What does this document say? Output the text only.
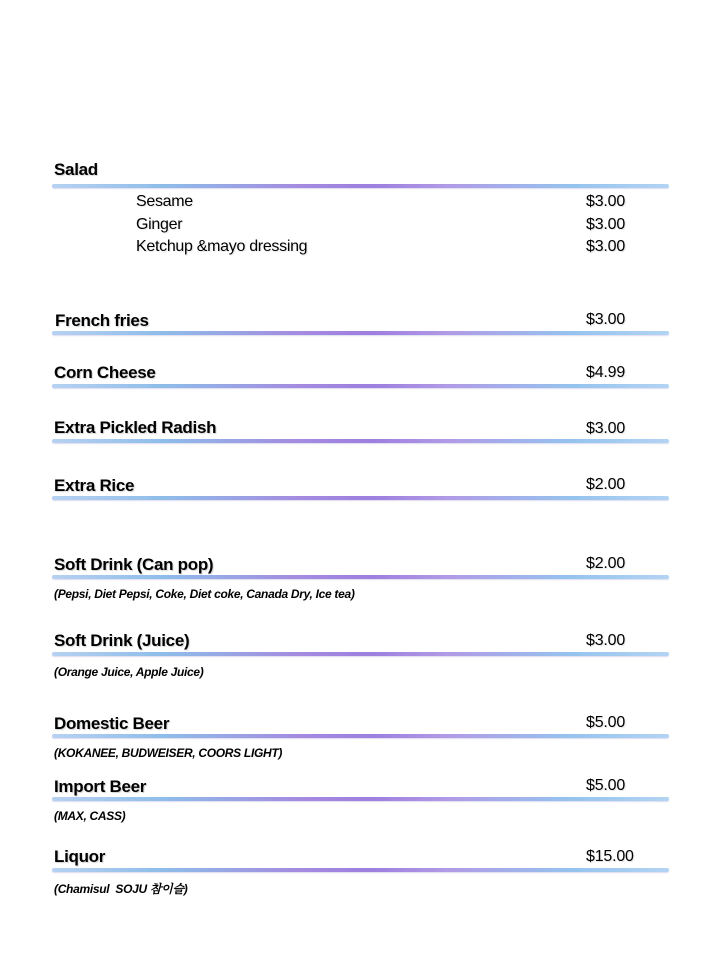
Salad
Sesame	$3.00
Ginger	$3.00
Ketchup &mayo dressing	$3.00
French fries	$3.00
Corn Cheese	$4.99
Extra Pickled Radish	$3.00
Extra Rice	$2.00
Soft Drink (Can pop)	$2.00
(Pepsi, Diet Pepsi, Coke, Diet coke, Canada Dry, Ice tea)
Soft Drink (Juice)	$3.00
(Orange Juice, Apple Juice)
Domestic Beer	$5.00
(KOKANEE, BUDWEISER, COORS LIGHT)
Import Beer	$5.00
(MAX, CASS)
Liquor	$15.00
(Chamisul  SOJU 참이슬)
